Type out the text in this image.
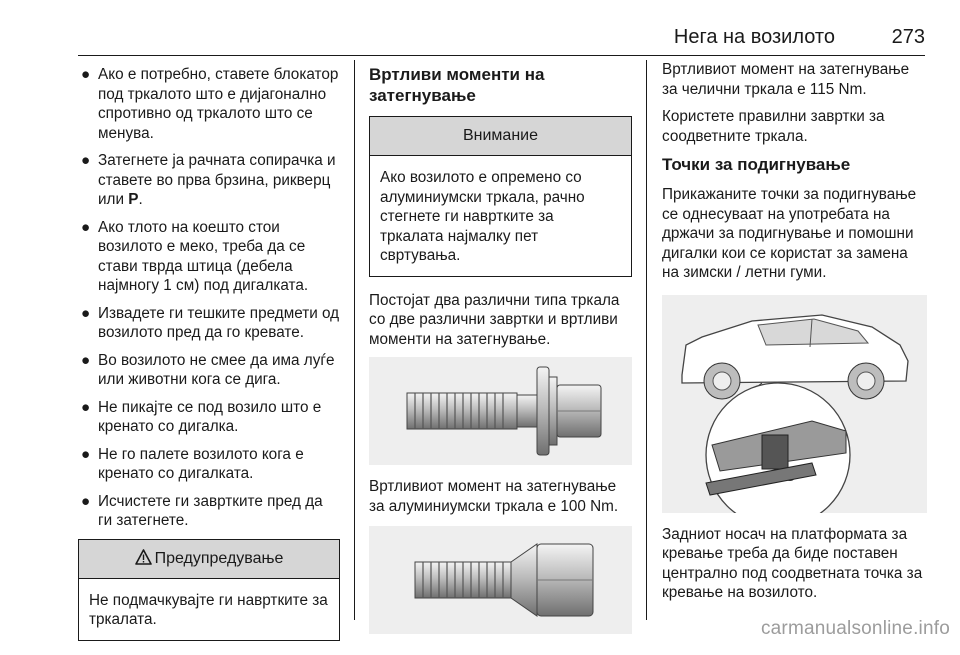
Нега на возилото	273
● Ако е потребно, ставете блокатор под тркалото што е дијагонално спротивно од тркалото што се менува.
● Затегнете ја рачната сопирачка и ставете во прва брзина, рикверц или P.
● Ако тлото на коешто стои возилото е меко, треба да се стави тврда штица (дебела најмногу 1 см) под дигалката.
● Извадете ги тешките предмети од возилото пред да го кревате.
● Во возилото не смее да има луѓе или животни кога се дига.
● Не пикајте се под возило што е кренато со дигалка.
● Не го палете возилото кога е кренато со дигалката.
● Исчистете ги завртките пред да ги затегнете.
Предупредување
Не подмачкувајте ги навртките за тркалата.
Вртливи моменти на затегнување
Внимание
Ако возилото е опремено со алуминиумски тркала, рачно стегнете ги навртките за тркалата најмалку пет свртувања.

Постојат два различни типа тркала со две различни завртки и вртливи моменти на затегнување.

Вртливиот момент на затегнување за алуминиумски тркала е 100 Nm.

Вртливиот момент на затегнување за челични тркала е 115 Nm.

Користете правилни завртки за соодветните тркала.

Точки за подигнување

Прикажаните точки за подигнување се однесуваат на употребата на држачи за подигнување и помошни дигалки кои се користат за замена на зимски / летни гуми.

Задниот носач на платформата за кревање треба да биде поставен централно под соодветната точка за кревање на возилото.

carmanualsonline.info
